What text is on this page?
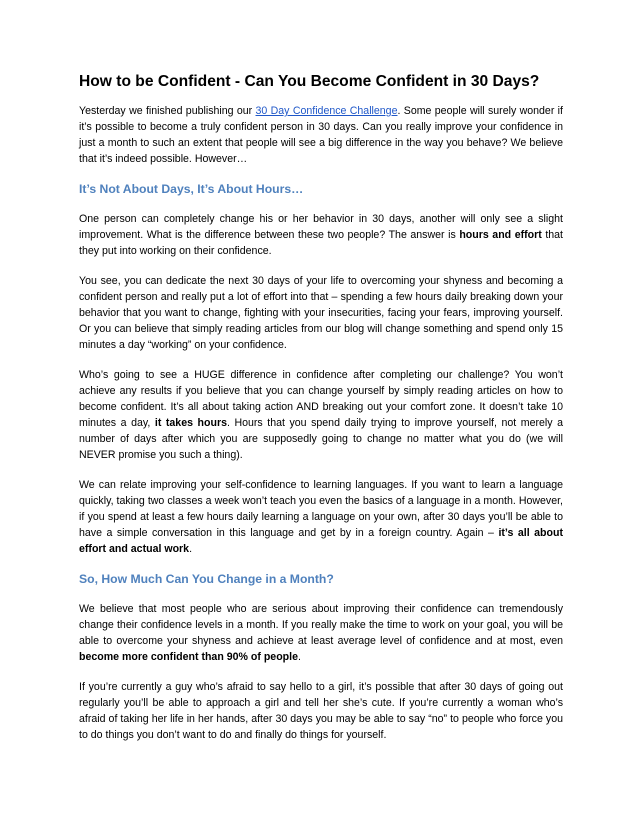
How to be Confident - Can You Become Confident in 30 Days?

Yesterday we finished publishing our 30 Day Confidence Challenge. Some people will surely wonder if it’s possible to become a truly confident person in 30 days. Can you really improve your confidence in just a month to such an extent that people will see a big difference in the way you behave? We believe that it’s indeed possible. However…

It’s Not About Days, It’s About Hours…

One person can completely change his or her behavior in 30 days, another will only see a slight improvement. What is the difference between these two people? The answer is hours and effort that they put into working on their confidence.

You see, you can dedicate the next 30 days of your life to overcoming your shyness and becoming a confident person and really put a lot of effort into that – spending a few hours daily breaking down your behavior that you want to change, fighting with your insecurities, facing your fears, improving yourself. Or you can believe that simply reading articles from our blog will change something and spend only 15 minutes a day “working” on your confidence.

Who’s going to see a HUGE difference in confidence after completing our challenge? You won’t achieve any results if you believe that you can change yourself by simply reading articles on how to become confident. It’s all about taking action AND breaking out your comfort zone. It doesn’t take 10 minutes a day, it takes hours. Hours that you spend daily trying to improve yourself, not merely a number of days after which you are supposedly going to change no matter what you do (we will NEVER promise you such a thing).

We can relate improving your self-confidence to learning languages. If you want to learn a language quickly, taking two classes a week won’t teach you even the basics of a language in a month. However, if you spend at least a few hours daily learning a language on your own, after 30 days you’ll be able to have a simple conversation in this language and get by in a foreign country. Again – it’s all about effort and actual work.

So, How Much Can You Change in a Month?

We believe that most people who are serious about improving their confidence can tremendously change their confidence levels in a month. If you really make the time to work on your goal, you will be able to overcome your shyness and achieve at least average level of confidence and at most, even become more confident than 90% of people.

If you’re currently a guy who’s afraid to say hello to a girl, it’s possible that after 30 days of going out regularly you’ll be able to approach a girl and tell her she’s cute. If you’re currently a woman who’s afraid of taking her life in her hands, after 30 days you may be able to say “no” to people who force you to do things you don’t want to do and finally do things for yourself.
